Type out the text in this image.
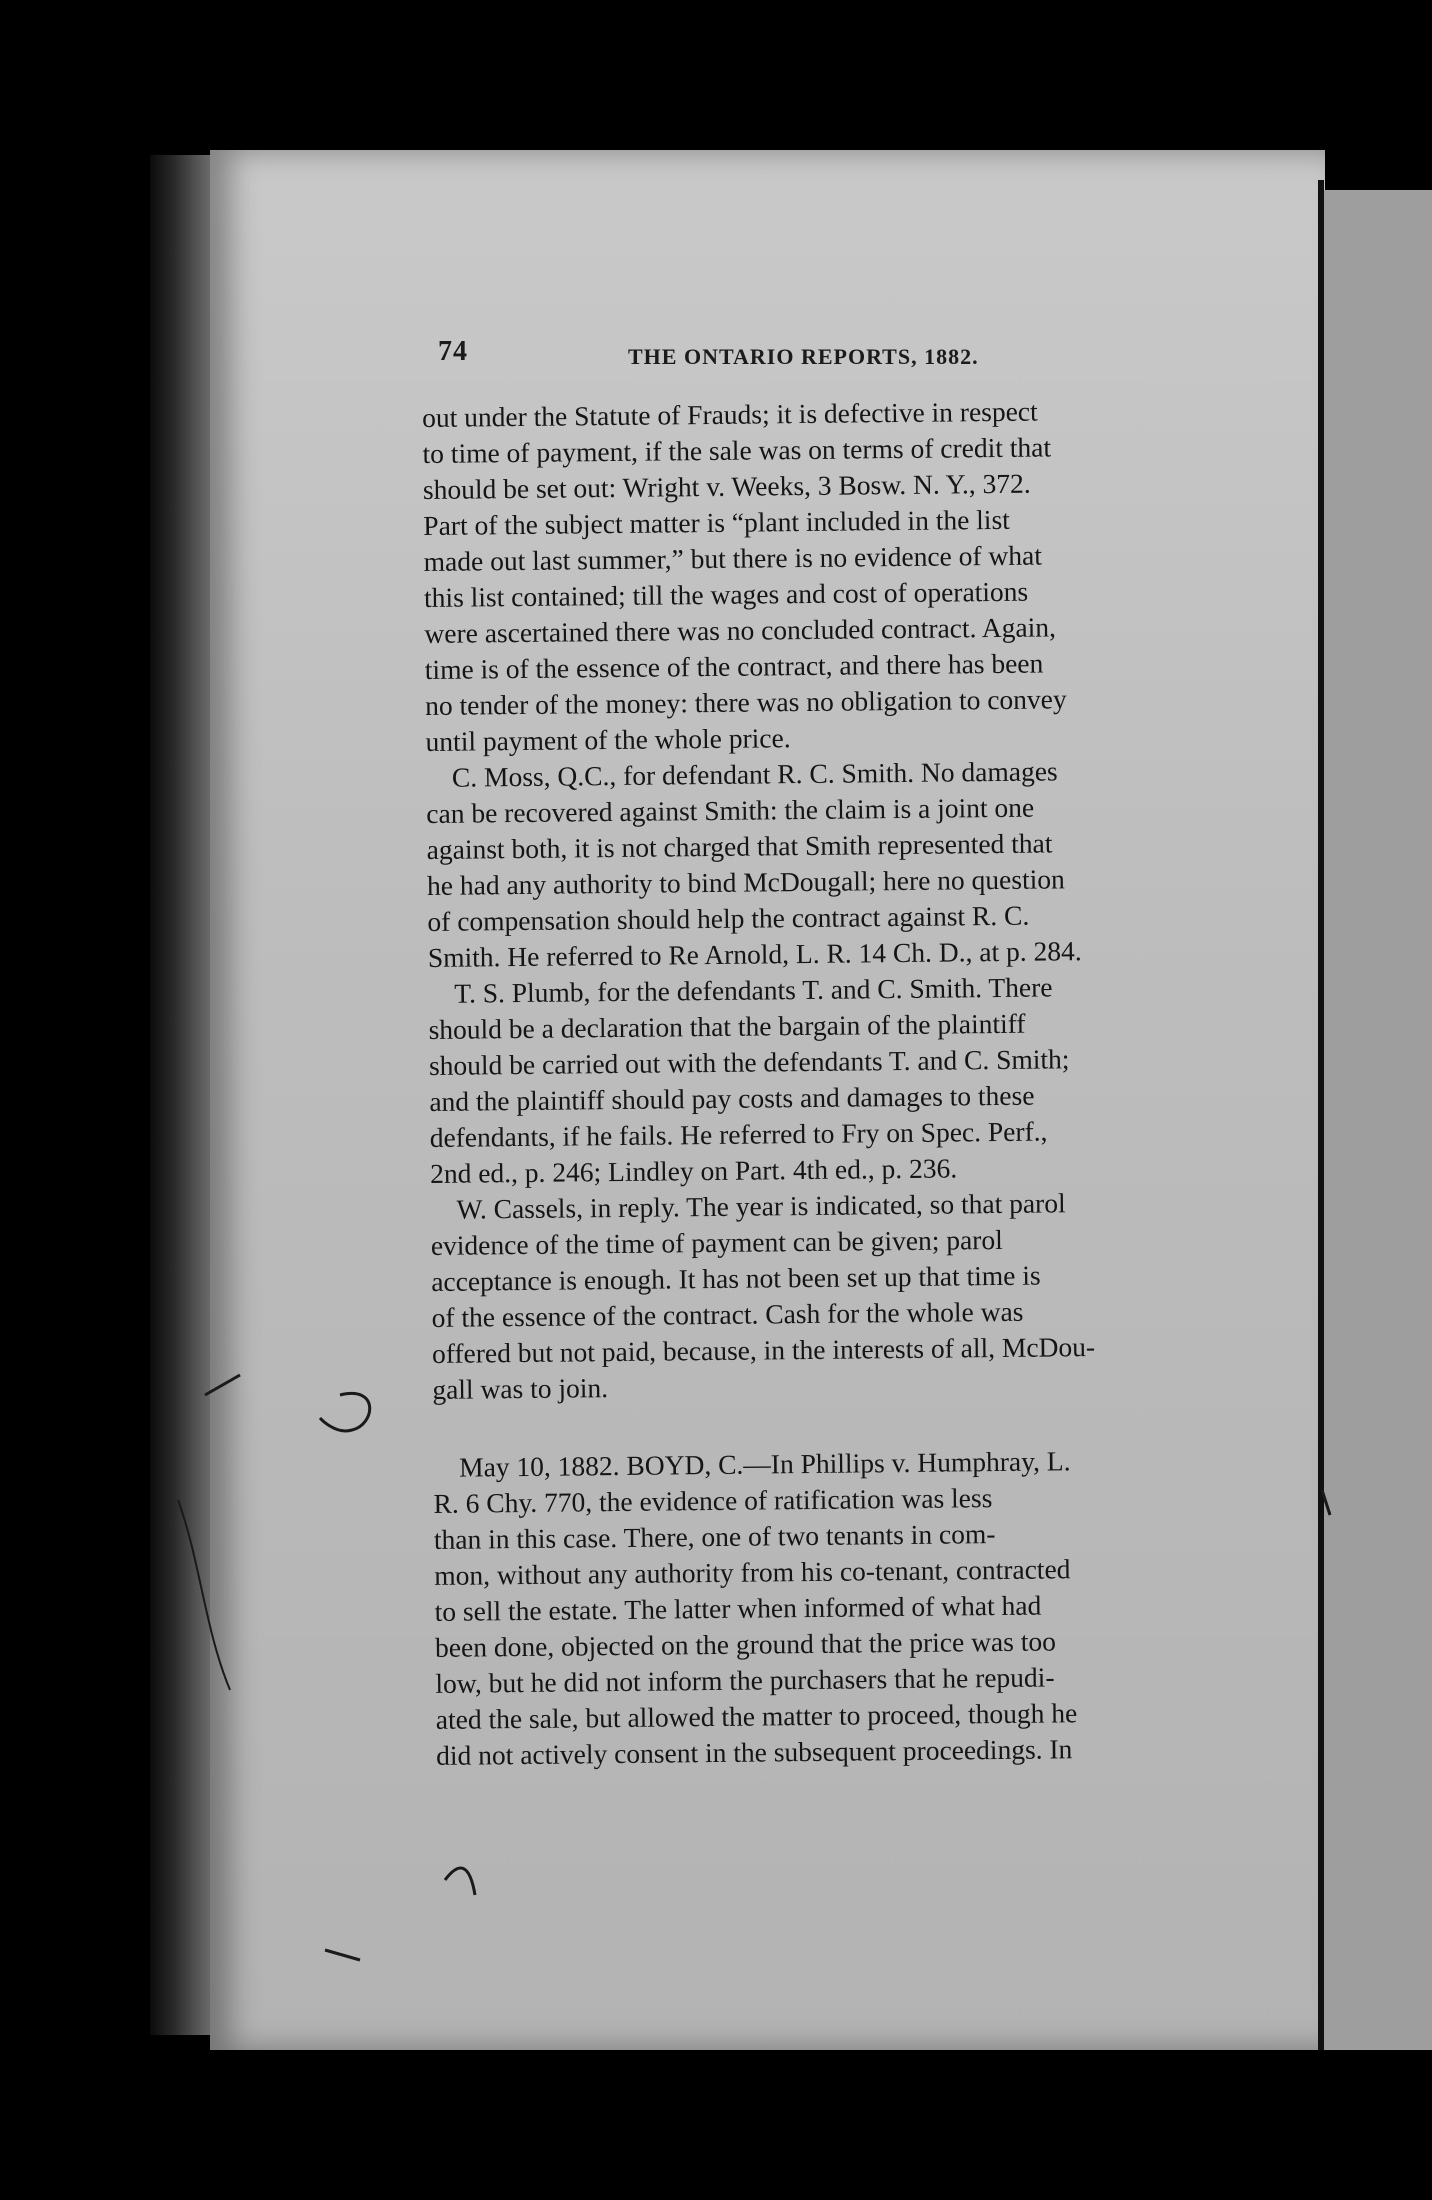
74	THE ONTARIO REPORTS, 1882.

out under the Statute of Frauds; it is defective in respect

to time of payment, if the sale was on terms of credit that

should be set out: Wright v. Weeks, 3 Bosw. N. Y., 372.

Part of the subject matter is “plant included in the list

made out last summer,” but there is no evidence of what

this list contained; till the wages and cost of operations

were ascertained there was no concluded contract. Again,

time is of the essence of the contract, and there has been

no tender of the money: there was no obligation to convey

until payment of the whole price.

C. Moss, Q.C., for defendant R. C. Smith. No damages

can be recovered against Smith: the claim is a joint one

against both, it is not charged that Smith represented that

he had any authority to bind McDougall; here no question

of compensation should help the contract against R. C.

Smith. He referred to Re Arnold, L. R. 14 Ch. D., at p. 284.

T. S. Plumb, for the defendants T. and C. Smith. There

should be a declaration that the bargain of the plaintiff

should be carried out with the defendants T. and C. Smith;

and the plaintiff should pay costs and damages to these

defendants, if he fails. He referred to Fry on Spec. Perf.,

2nd ed., p. 246; Lindley on Part. 4th ed., p. 236.

W. Cassels, in reply. The year is indicated, so that parol

evidence of the time of payment can be given; parol

acceptance is enough. It has not been set up that time is

of the essence of the contract. Cash for the whole was

offered but not paid, because, in the interests of all, McDou-

gall was to join.

May 10, 1882. BOYD, C.—In Phillips v. Humphray, L.

R. 6 Chy. 770, the evidence of ratification was less

than in this case. There, one of two tenants in com-

mon, without any authority from his co-tenant, contracted

to sell the estate. The latter when informed of what had

been done, objected on the ground that the price was too

low, but he did not inform the purchasers that he repudi-

ated the sale, but allowed the matter to proceed, though he

did not actively consent in the subsequent proceedings. In
